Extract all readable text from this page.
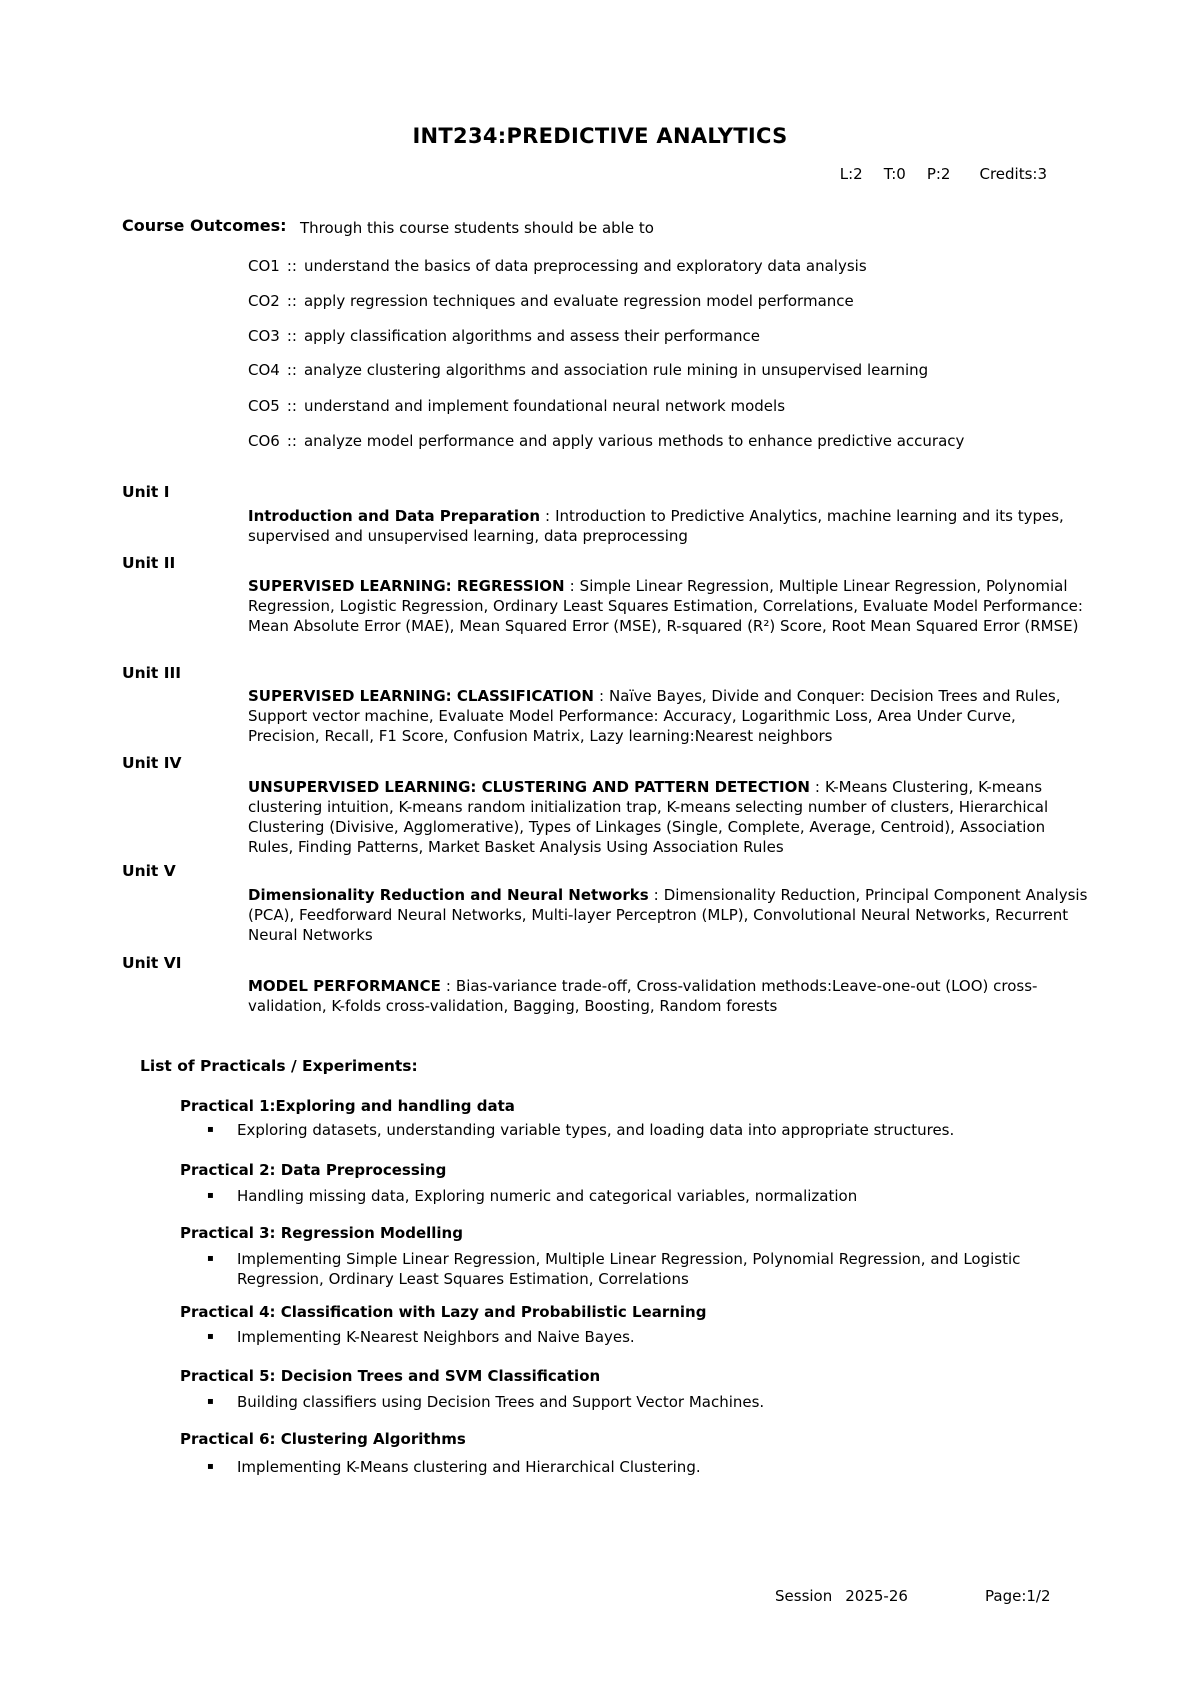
INT234:PREDICTIVE ANALYTICS
L:2 T:0 P:2 Credits:3
Course Outcomes: Through this course students should be able to
CO1 :: understand the basics of data preprocessing and exploratory data analysis
CO2 :: apply regression techniques and evaluate regression model performance
CO3 :: apply classification algorithms and assess their performance
CO4 :: analyze clustering algorithms and association rule mining in unsupervised learning
CO5 :: understand and implement foundational neural network models
CO6 :: analyze model performance and apply various methods to enhance predictive accuracy
Unit I
Introduction and Data Preparation : Introduction to Predictive Analytics, machine learning and its types, supervised and unsupervised learning, data preprocessing
Unit II
SUPERVISED LEARNING: REGRESSION : Simple Linear Regression, Multiple Linear Regression, Polynomial Regression, Logistic Regression, Ordinary Least Squares Estimation, Correlations, Evaluate Model Performance: Mean Absolute Error (MAE), Mean Squared Error (MSE), R-squared (R²) Score, Root Mean Squared Error (RMSE)
Unit III
SUPERVISED LEARNING: CLASSIFICATION : Naïve Bayes, Divide and Conquer: Decision Trees and Rules, Support vector machine, Evaluate Model Performance: Accuracy, Logarithmic Loss, Area Under Curve, Precision, Recall, F1 Score, Confusion Matrix, Lazy learning:Nearest neighbors
Unit IV
UNSUPERVISED LEARNING: CLUSTERING AND PATTERN DETECTION : K-Means Clustering, K-means clustering intuition, K-means random initialization trap, K-means selecting number of clusters, Hierarchical Clustering (Divisive, Agglomerative), Types of Linkages (Single, Complete, Average, Centroid), Association Rules, Finding Patterns, Market Basket Analysis Using Association Rules
Unit V
Dimensionality Reduction and Neural Networks : Dimensionality Reduction, Principal Component Analysis (PCA), Feedforward Neural Networks, Multi-layer Perceptron (MLP), Convolutional Neural Networks, Recurrent Neural Networks
Unit VI
MODEL PERFORMANCE : Bias-variance trade-off, Cross-validation methods:Leave-one-out (LOO) cross-validation, K-folds cross-validation, Bagging, Boosting, Random forests
List of Practicals / Experiments:
Practical 1:Exploring and handling data
▪	Exploring datasets, understanding variable types, and loading data into appropriate structures.
Practical 2: Data Preprocessing
▪	Handling missing data, Exploring numeric and categorical variables, normalization
Practical 3: Regression Modelling
▪	Implementing Simple Linear Regression, Multiple Linear Regression, Polynomial Regression, and Logistic Regression, Ordinary Least Squares Estimation, Correlations
Practical 4: Classification with Lazy and Probabilistic Learning
▪	Implementing K-Nearest Neighbors and Naive Bayes.
Practical 5: Decision Trees and SVM Classification
▪	Building classifiers using Decision Trees and Support Vector Machines.
Practical 6: Clustering Algorithms
▪	Implementing K-Means clustering and Hierarchical Clustering.
Session 2025-26	Page:1/2
